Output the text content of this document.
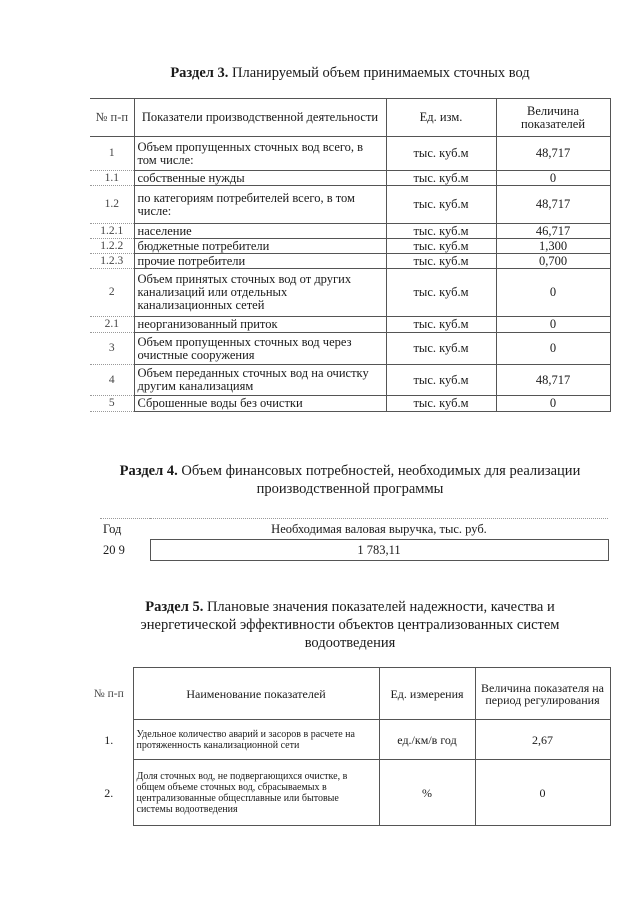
Раздел 3. Планируемый объем принимаемых сточных вод
№ п-п	Показатели производственной деятельности	Ед. изм.	Величина показателей
1	Объем пропущенных сточных вод всего, в том числе:	тыс. куб.м	48,717
1.1	собственные нужды	тыс. куб.м	0
1.2	по категориям потребителей всего, в том числе:	тыс. куб.м	48,717
1.2.1	население	тыс. куб.м	46,717
1.2.2	бюджетные потребители	тыс. куб.м	1,300
1.2.3	прочие потребители	тыс. куб.м	0,700
2	Объем принятых сточных вод от других канализаций или отдельных канализационных сетей	тыс. куб.м	0
2.1	неорганизованный приток	тыс. куб.м	0
3	Объем пропущенных сточных вод через очистные сооружения	тыс. куб.м	0
4	Объем переданных сточных вод на очистку другим канализациям	тыс. куб.м	48,717
5	Сброшенные воды без очистки	тыс. куб.м	0
Раздел 4. Объем финансовых потребностей, необходимых для реализации производственной программы
Год	Необходимая валовая выручка, тыс. руб.
20 9	1 783,11
Раздел 5. Плановые значения показателей надежности, качества и энергетической эффективности объектов централизованных систем водоотведения
№ п-п	Наименование показателей	Ед. измерения	Величина показателя на период регулирования
1.	Удельное количество аварий и засоров в расчете на протяженность канализационной сети	ед./км/в год	2,67
2.	Доля сточных вод, не подвергающихся очистке, в общем объеме сточных вод, сбрасываемых в централизованные общесплавные или бытовые системы водоотведения	%	0
